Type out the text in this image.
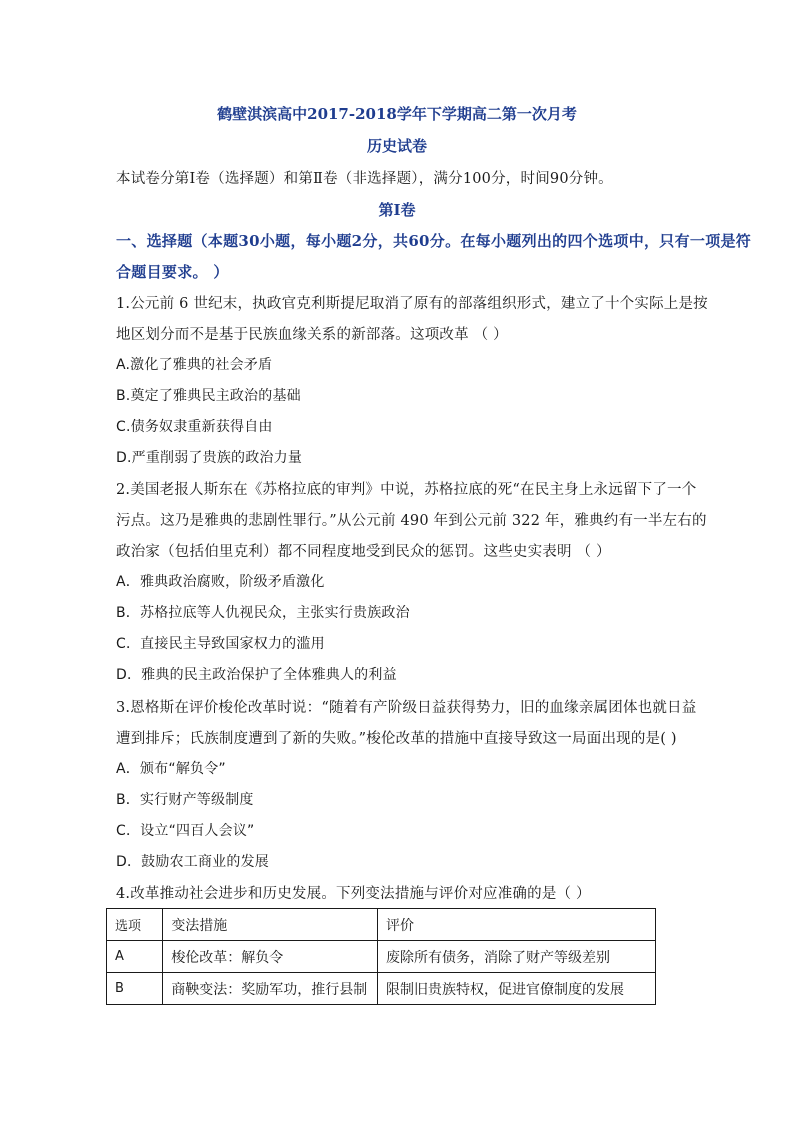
鹤壁淇滨高中2017-2018学年下学期高二第一次月考
历史试卷
本试卷分第Ⅰ卷（选择题）和第Ⅱ卷（非选择题），满分100分，时间90分钟。
第Ⅰ卷
一、选择题（本题30小题，每小题2分，共60分。在每小题列出的四个选项中，只有一项是符
合题目要求。 ）
1.公元前 6 世纪末，执政官克利斯提尼取消了原有的部落组织形式，建立了十个实际上是按
地区划分而不是基于民族血缘关系的新部落。这项改革 （ ）
A.激化了雅典的社会矛盾
B.奠定了雅典民主政治的基础
C.债务奴隶重新获得自由
D.严重削弱了贵族的政治力量
2.美国老报人斯东在《苏格拉底的审判》中说，苏格拉底的死“在民主身上永远留下了一个
污点。这乃是雅典的悲剧性罪行。”从公元前 490 年到公元前 322 年，雅典约有一半左右的
政治家（包括伯里克利）都不同程度地受到民众的惩罚。这些史实表明 （ ）
A．雅典政治腐败，阶级矛盾激化
B．苏格拉底等人仇视民众，主张实行贵族政治
C．直接民主导致国家权力的滥用
D．雅典的民主政治保护了全体雅典人的利益
3.恩格斯在评价梭伦改革时说：“随着有产阶级日益获得势力，旧的血缘亲属团体也就日益
遭到排斥；氏族制度遭到了新的失败。”梭伦改革的措施中直接导致这一局面出现的是( )
A．颁布“解负令”
B．实行财产等级制度
C．设立“四百人会议”
D．鼓励农工商业的发展
4.改革推动社会进步和历史发展。下列变法措施与评价对应准确的是（ ）
选项	变法措施	评价
A	梭伦改革：解负令	废除所有债务，消除了财产等级差别
B	商鞅变法：奖励军功，推行县制	限制旧贵族特权，促进官僚制度的发展
